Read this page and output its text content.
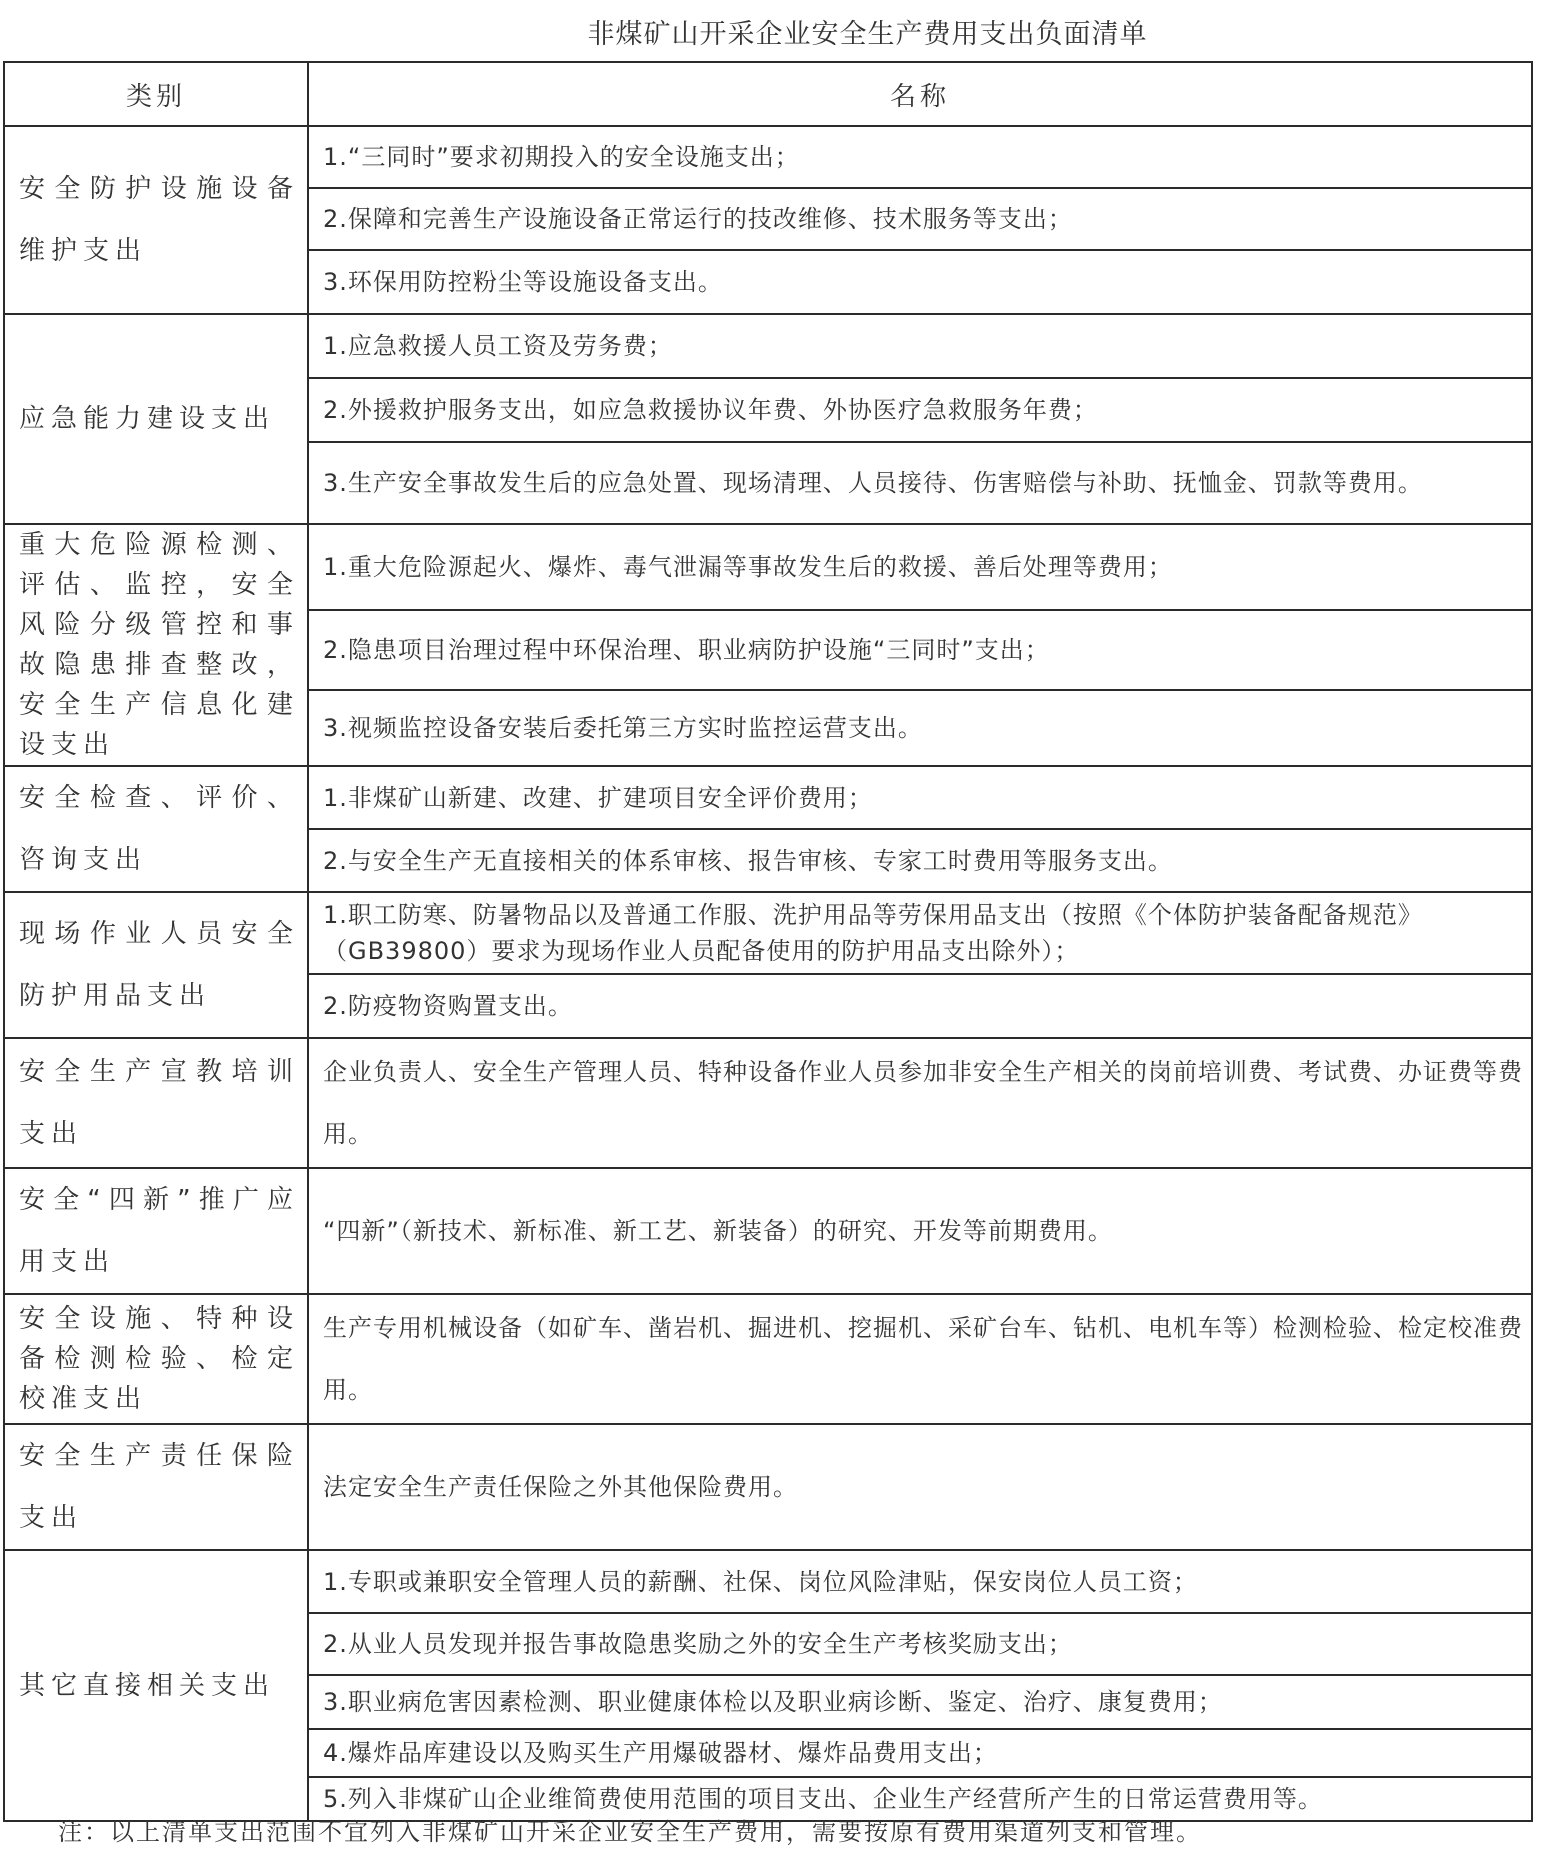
非煤矿山开采企业安全生产费用支出负面清单
类别	名称
安全防护设施设备维护支出	1.“三同时”要求初期投入的安全设施支出；
	2.保障和完善生产设施设备正常运行的技改维修、技术服务等支出；
	3.环保用防控粉尘等设施设备支出。
应急能力建设支出	1.应急救援人员工资及劳务费；
	2.外援救护服务支出，如应急救援协议年费、外协医疗急救服务年费；
	3.生产安全事故发生后的应急处置、现场清理、人员接待、伤害赔偿与补助、抚恤金、罚款等费用。
重大危险源检测、评估、监控，安全风险分级管控和事故隐患排查整改，安全生产信息化建设支出	1.重大危险源起火、爆炸、毒气泄漏等事故发生后的救援、善后处理等费用；
	2.隐患项目治理过程中环保治理、职业病防护设施“三同时”支出；
	3.视频监控设备安装后委托第三方实时监控运营支出。
安全检查、评价、咨询支出	1.非煤矿山新建、改建、扩建项目安全评价费用；
	2.与安全生产无直接相关的体系审核、报告审核、专家工时费用等服务支出。
现场作业人员安全防护用品支出	1.职工防寒、防暑物品以及普通工作服、洗护用品等劳保用品支出（按照《个体防护装备配备规范》（GB39800）要求为现场作业人员配备使用的防护用品支出除外）；
	2.防疫物资购置支出。
安全生产宣教培训支出	企业负责人、安全生产管理人员、特种设备作业人员参加非安全生产相关的岗前培训费、考试费、办证费等费用。
安全“四新”推广应用支出	“四新”（新技术、新标准、新工艺、新装备）的研究、开发等前期费用。
安全设施、特种设备检测检验、检定校准支出	生产专用机械设备（如矿车、凿岩机、掘进机、挖掘机、采矿台车、钻机、电机车等）检测检验、检定校准费用。
安全生产责任保险支出	法定安全生产责任保险之外其他保险费用。
其它直接相关支出	1.专职或兼职安全管理人员的薪酬、社保、岗位风险津贴，保安岗位人员工资；
	2.从业人员发现并报告事故隐患奖励之外的安全生产考核奖励支出；
	3.职业病危害因素检测、职业健康体检以及职业病诊断、鉴定、治疗、康复费用；
	4.爆炸品库建设以及购买生产用爆破器材、爆炸品费用支出；
	5.列入非煤矿山企业维简费使用范围的项目支出、企业生产经营所产生的日常运营费用等。
注：以上清单支出范围不宜列入非煤矿山开采企业安全生产费用，需要按原有费用渠道列支和管理。
